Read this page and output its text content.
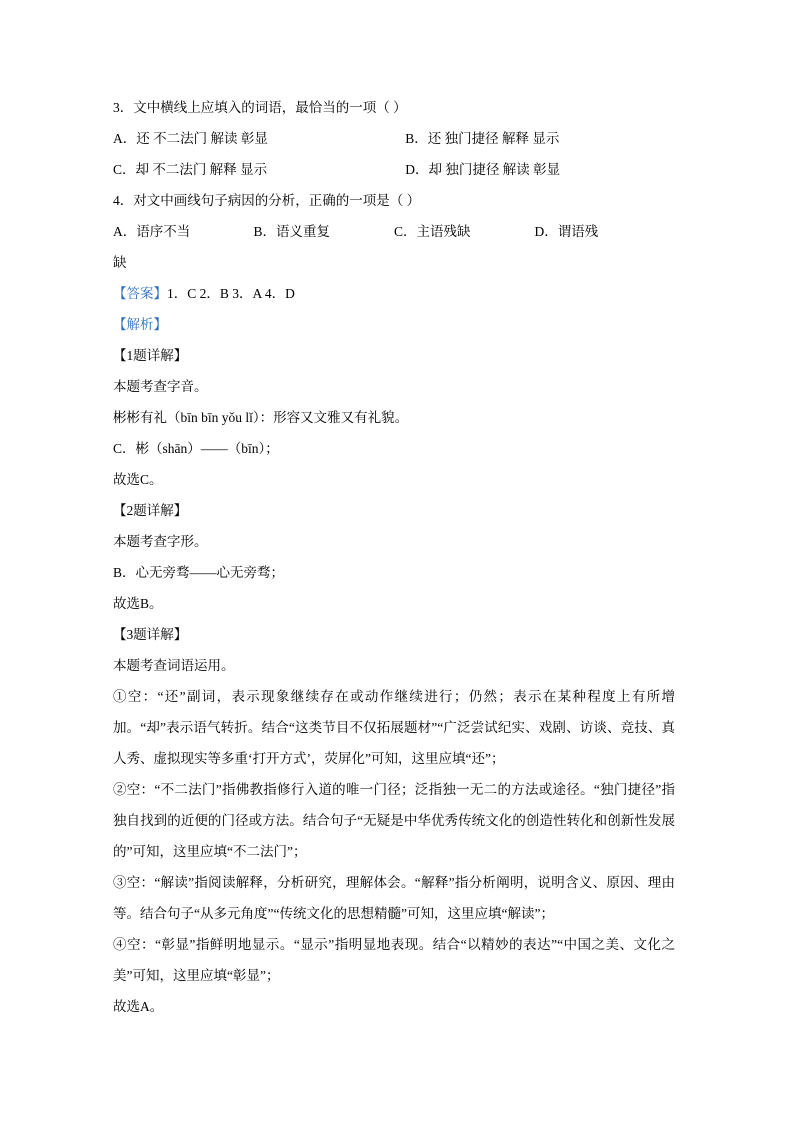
3．文中横线上应填入的词语，最恰当的一项（ ）
A．还 不二法门 解读 彰显	B．还 独门捷径 解释 显示
C．却 不二法门 解释 显示	D．却 独门捷径 解读 彰显
4．对文中画线句子病因的分析，正确的一项是（ ）
A．语序不当	B．语义重复	C．主语残缺	D．谓语残
缺
【答案】1．C 2．B 3．A 4．D
【解析】
【1题详解】
本题考查字音。
彬彬有礼（bīn bīn yǒu lǐ）：形容又文雅又有礼貌。
C．彬（shān）——（bīn）；
故选C。
【2题详解】
本题考查字形。
B．心无旁骛——心无旁骛；
故选B。
【3题详解】
本题考查词语运用。
①空：“还”副词，表示现象继续存在或动作继续进行；仍然；表示在某种程度上有所增加。“却”表示语气转折。结合“这类节目不仅拓展题材”“广泛尝试纪实、戏剧、访谈、竞技、真人秀、虚拟现实等多重‘打开方式’，荧屏化”可知，这里应填“还”；
②空：“不二法门”指佛教指修行入道的唯一门径；泛指独一无二的方法或途径。“独门捷径”指独自找到的近便的门径或方法。结合句子“无疑是中华优秀传统文化的创造性转化和创新性发展的”可知，这里应填“不二法门”；
③空：“解读”指阅读解释，分析研究，理解体会。“解释”指分析阐明，说明含义、原因、理由等。结合句子“从多元角度”“传统文化的思想精髓”可知，这里应填“解读”；
④空：“彰显”指鲜明地显示。“显示”指明显地表现。结合“以精妙的表达”“中国之美、文化之美”可知，这里应填“彰显”；
故选A。
